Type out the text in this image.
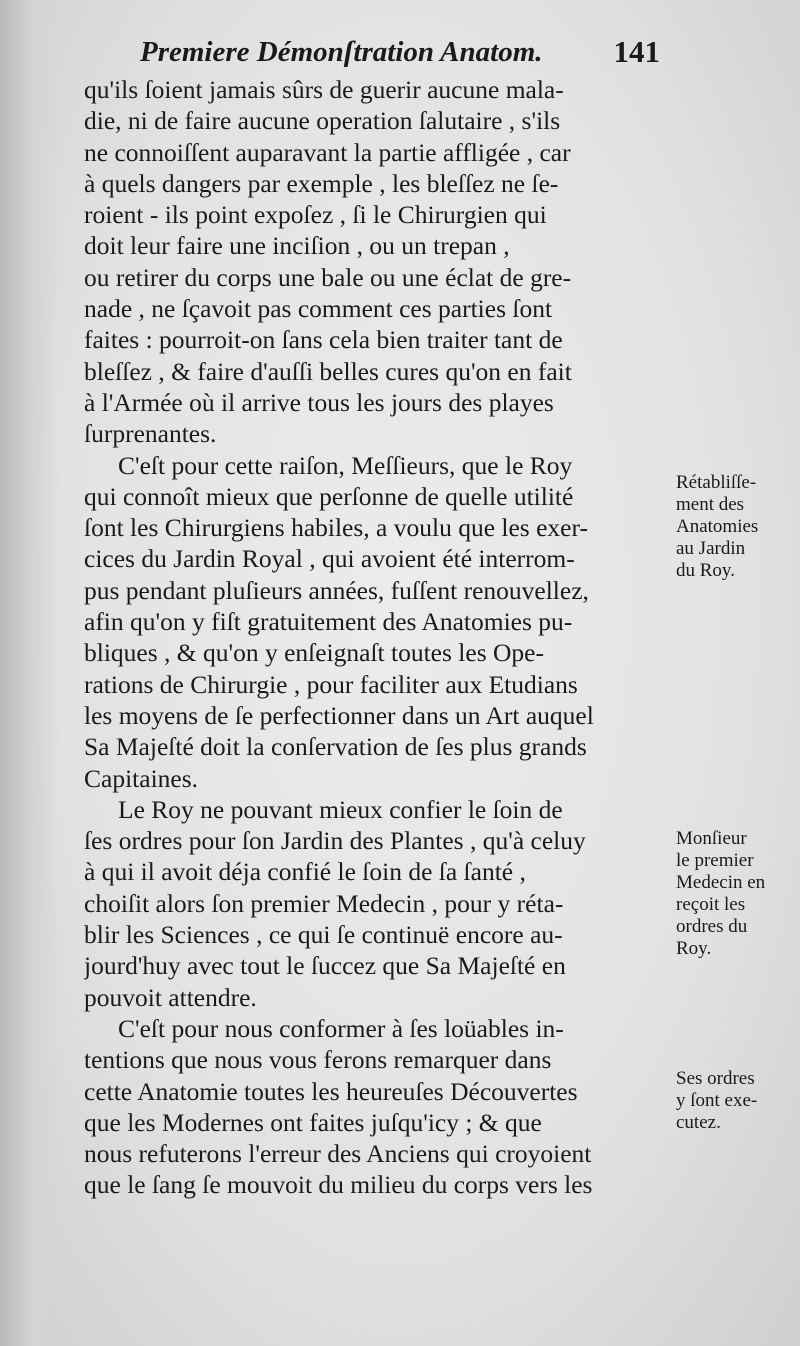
Premiere Démonſtration Anatom. 141
qu'ils ſoient jamais sûrs de guerir aucune mala-
die, ni de faire aucune operation ſalutaire , s'ils
ne connoiſſent auparavant la partie affligée , car
à quels dangers par exemple , les bleſſez ne ſe-
roient - ils point expoſez , ſi le Chirurgien qui
doit leur faire une inciſion , ou un trepan ,
ou retirer du corps une bale ou une éclat de gre-
nade , ne ſçavoit pas comment ces parties ſont
faites : pourroit-on ſans cela bien traiter tant de
bleſſez , & faire d'auſſi belles cures qu'on en fait
à l'Armée où il arrive tous les jours des playes
ſurprenantes.
C'eſt pour cette raiſon, Meſſieurs, que le Roy
qui connoît mieux que perſonne de quelle utilité
ſont les Chirurgiens habiles, a voulu que les exer-
cices du Jardin Royal , qui avoient été interrom-
pus pendant pluſieurs années, fuſſent renouvellez,
afin qu'on y fiſt gratuitement des Anatomies pu-
bliques , & qu'on y enſeignaſt toutes les Ope-
rations de Chirurgie , pour faciliter aux Etudians
les moyens de ſe perfectionner dans un Art auquel
Sa Majeſté doit la conſervation de ſes plus grands
Capitaines.
Le Roy ne pouvant mieux confier le ſoin de
ſes ordres pour ſon Jardin des Plantes , qu'à celuy
à qui il avoit déja confié le ſoin de ſa ſanté ,
choiſit alors ſon premier Medecin , pour y réta-
blir les Sciences , ce qui ſe continuë encore au-
jourd'huy avec tout le ſuccez que Sa Majeſté en
pouvoit attendre.
C'eſt pour nous conformer à ſes loüables in-
tentions que nous vous ferons remarquer dans
cette Anatomie toutes les heureuſes Découvertes
que les Modernes ont faites juſqu'icy ; & que
nous refuterons l'erreur des Anciens qui croyoient
que le ſang ſe mouvoit du milieu du corps vers les
Rétabliſſe-
ment des
Anatomies
au Jardin
du Roy.
Monſieur
le premier
Medecin en
reçoit les
ordres du
Roy.
Ses ordres
y ſont exe-
cutez.
